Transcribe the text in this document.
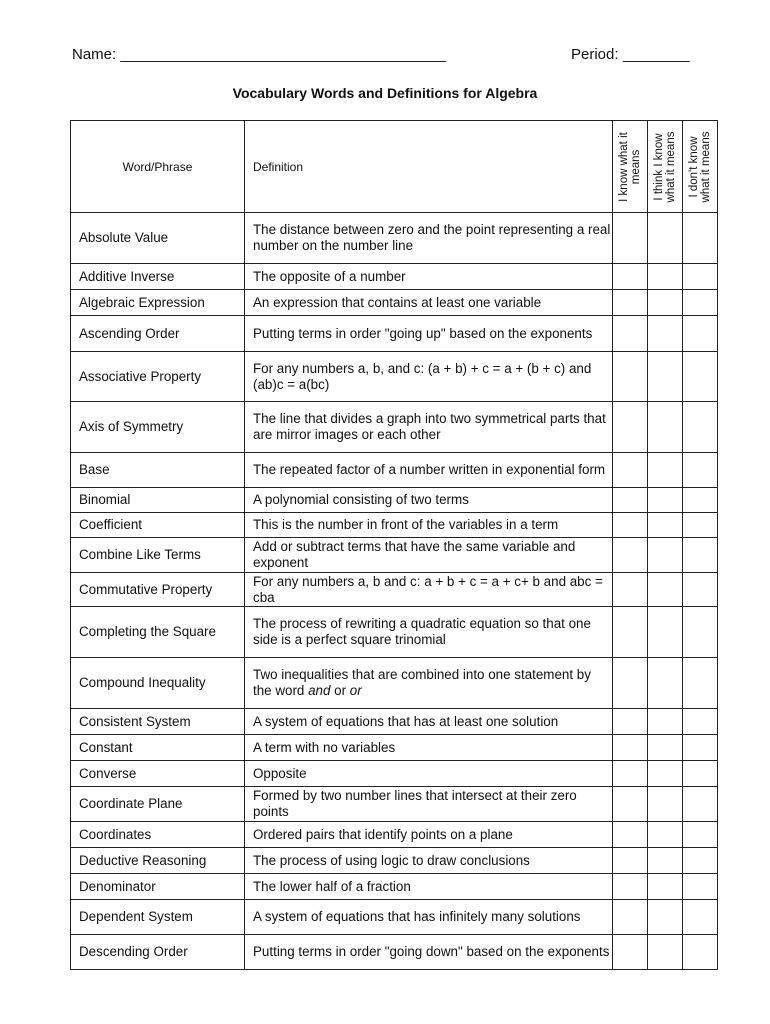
Name: _______________________________________	Period: ________
Vocabulary Words and Definitions for Algebra
Word/Phrase	Definition	I know what it means	I think I know what it means	I don't know what it means

Absolute Value	The distance between zero and the point representing a real number on the number line			
Additive Inverse	The opposite of a number			
Algebraic Expression	An expression that contains at least one variable			
Ascending Order	Putting terms in order "going up" based on the exponents			
Associative Property	For any numbers a, b, and c: (a + b) + c = a + (b + c) and (ab)c = a(bc)			
Axis of Symmetry	The line that divides a graph into two symmetrical parts that are mirror images or each other			
Base	The repeated factor of a number written in exponential form			
Binomial	A polynomial consisting of two terms			
Coefficient	This is the number in front of the variables in a term			
Combine Like Terms	Add or subtract terms that have the same variable and exponent			
Commutative Property	For any numbers a, b and c: a + b + c = a + c+ b and abc = cba			
Completing the Square	The process of rewriting a quadratic equation so that one side is a perfect square trinomial			
Compound Inequality	Two inequalities that are combined into one statement by the word and or or			
Consistent System	A system of equations that has at least one solution			
Constant	A term with no variables			
Converse	Opposite			
Coordinate Plane	Formed by two number lines that intersect at their zero points			
Coordinates	Ordered pairs that identify points on a plane			
Deductive Reasoning	The process of using logic to draw conclusions			
Denominator	The lower half of a fraction			
Dependent System	A system of equations that has infinitely many solutions			
Descending Order	Putting terms in order "going down" based on the exponents			
